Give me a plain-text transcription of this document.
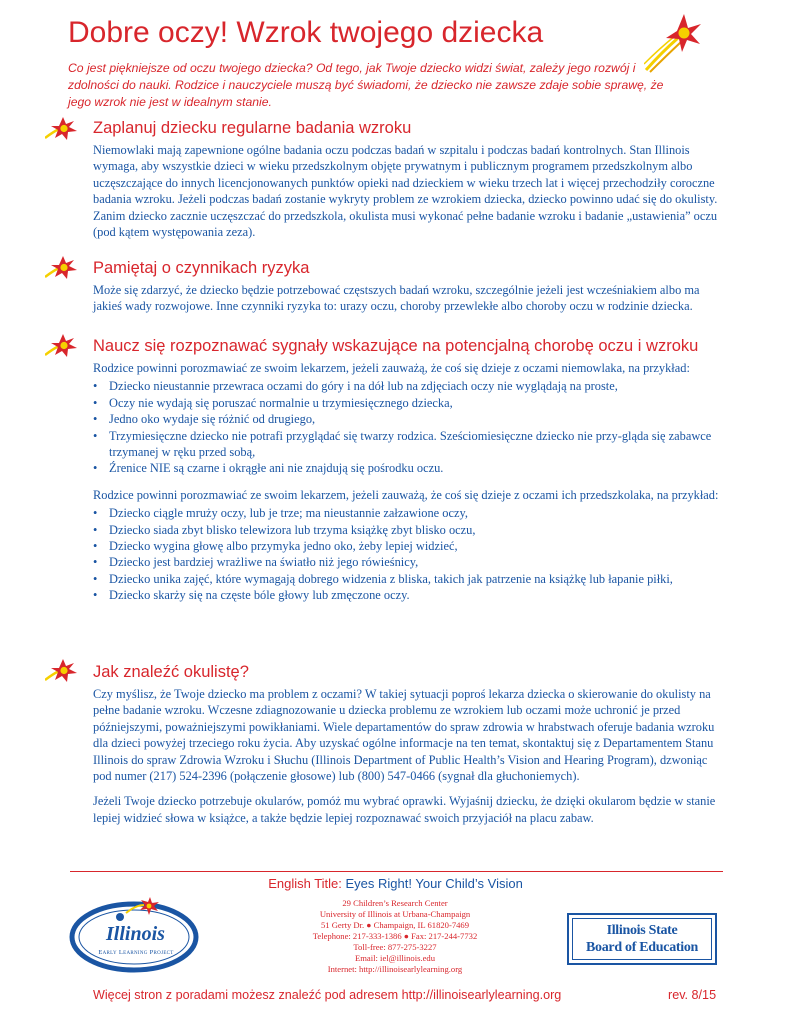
Dobre oczy! Wzrok twojego dziecka
Co jest piękniejsze od oczu twojego dziecka? Od tego, jak Twoje dziecko widzi świat, zależy jego rozwój i zdolności do nauki. Rodzice i nauczyciele muszą być świadomi, że dziecko nie zawsze zdaje sobie sprawę, że jego wzrok nie jest w idealnym stanie.
Zaplanuj dziecku regularne badania wzroku

Niemowlaki mają zapewnione ogólne badania oczu podczas badań w szpitalu i podczas badań kontrolnych. Stan Illinois wymaga, aby wszystkie dzieci w wieku przedszkolnym objęte prywatnym i publicznym programem przedszkolnym albo uczęszczające do innych licencjonowanych punktów opieki nad dzieckiem w wieku trzech lat i więcej przechodziły coroczne badania wzroku. Jeżeli podczas badań zostanie wykryty problem ze wzrokiem dziecka, dziecko powinno udać się do okulisty. Zanim dziecko zacznie uczęszczać do przedszkola, okulista musi wykonać pełne badanie wzroku i badanie „ustawienia” oczu (pod kątem występowania zeza).

Pamiętaj o czynnikach ryzyka

Może się zdarzyć, że dziecko będzie potrzebować częstszych badań wzroku, szczególnie jeżeli jest wcześniakiem albo ma jakieś wady rozwojowe. Inne czynniki ryzyka to: urazy oczu, choroby przewlekłe albo choroby oczu w rodzinie dziecka.

Naucz się rozpoznawać sygnały wskazujące na potencjalną chorobę oczu i wzroku

Rodzice powinni porozmawiać ze swoim lekarzem, jeżeli zauważą, że coś się dzieje z oczami niemowlaka, na przykład:

• Dziecko nieustannie przewraca oczami do góry i na dół lub na zdjęciach oczy nie wyglądają na proste,
• Oczy nie wydają się poruszać normalnie u trzymiesięcznego dziecka,
• Jedno oko wydaje się różnić od drugiego,
• Trzymiesięczne dziecko nie potrafi przyglądać się twarzy rodzica. Sześciomiesięczne dziecko nie przy-gląda się zabawce trzymanej w ręku przed sobą,
• Źrenice NIE są czarne i okrągłe ani nie znajdują się pośrodku oczu.

Rodzice powinni porozmawiać ze swoim lekarzem, jeżeli zauważą, że coś się dzieje z oczami ich przedszkolaka, na przykład:

• Dziecko ciągle mrużу oczy, lub je trze; ma nieustannie załzawione oczy,
• Dziecko siada zbyt blisko telewizora lub trzyma książkę zbyt blisko oczu,
• Dziecko wygina głowę albo przymyka jedno oko, żeby lepiej widzieć,
• Dziecko jest bardziej wrażliwe na światło niż jego rówieśnicy,
• Dziecko unika zajęć, które wymagają dobrego widzenia z bliska, takich jak patrzenie na książkę lub łapanie piłki,
• Dziecko skarży się na częste bóle głowy lub zmęczone oczy.
Jak znaleźć okulistę?

Czy myślisz, że Twoje dziecko ma problem z oczami? W takiej sytuacji poproś lekarza dziecka o skierowanie do okulisty na pełne badanie wzroku. Wczesne zdiagnozowanie u dziecka problemu ze wzrokiem lub oczami może uchronić je przed późniejszymi, poważniejszymi powikłaniami. Wiele departamentów do spraw zdrowia w hrabstwach oferuje badania wzroku dla dzieci powyżej trzeciego roku życia. Aby uzyskać ogólne informacje na ten temat, skontaktuj się z Departamentem Stanu Illinois do spraw Zdrowia Wzroku i Słuchu (Illinois Department of Public Health’s Vision and Hearing Program), dzwoniąc pod numer (217) 524-2396 (połączenie głosowe) lub (800) 547-0466 (sygnał dla głuchoniemych).

Jeżeli Twoje dziecko potrzebuje okularów, pomóż mu wybrać oprawki. Wyjaśnij dziecku, że dzięki okularom będzie w stanie lepiej widzieć słowa w książce, a także będzie lepiej rozpoznawać swoich przyjaciół na placu zabaw.

English Title: Eyes Right! Your Child’s Vision
Illinois
Early Learning Project
29 Children’s Research Center
University of Illinois at Urbana-Champaign
51 Gerty Dr. ● Champaign, IL 61820-7469
Telephone: 217-333-1386 ● Fax: 217-244-7732
Toll-free: 877-275-3227
Email: iel@illinois.edu
Internet: http://illinoisearlylearning.org
Illinois State
Board of Education
Więcej stron z poradami możesz znaleźć pod adresem http://illinoisearlylearning.org	rev. 8/15
